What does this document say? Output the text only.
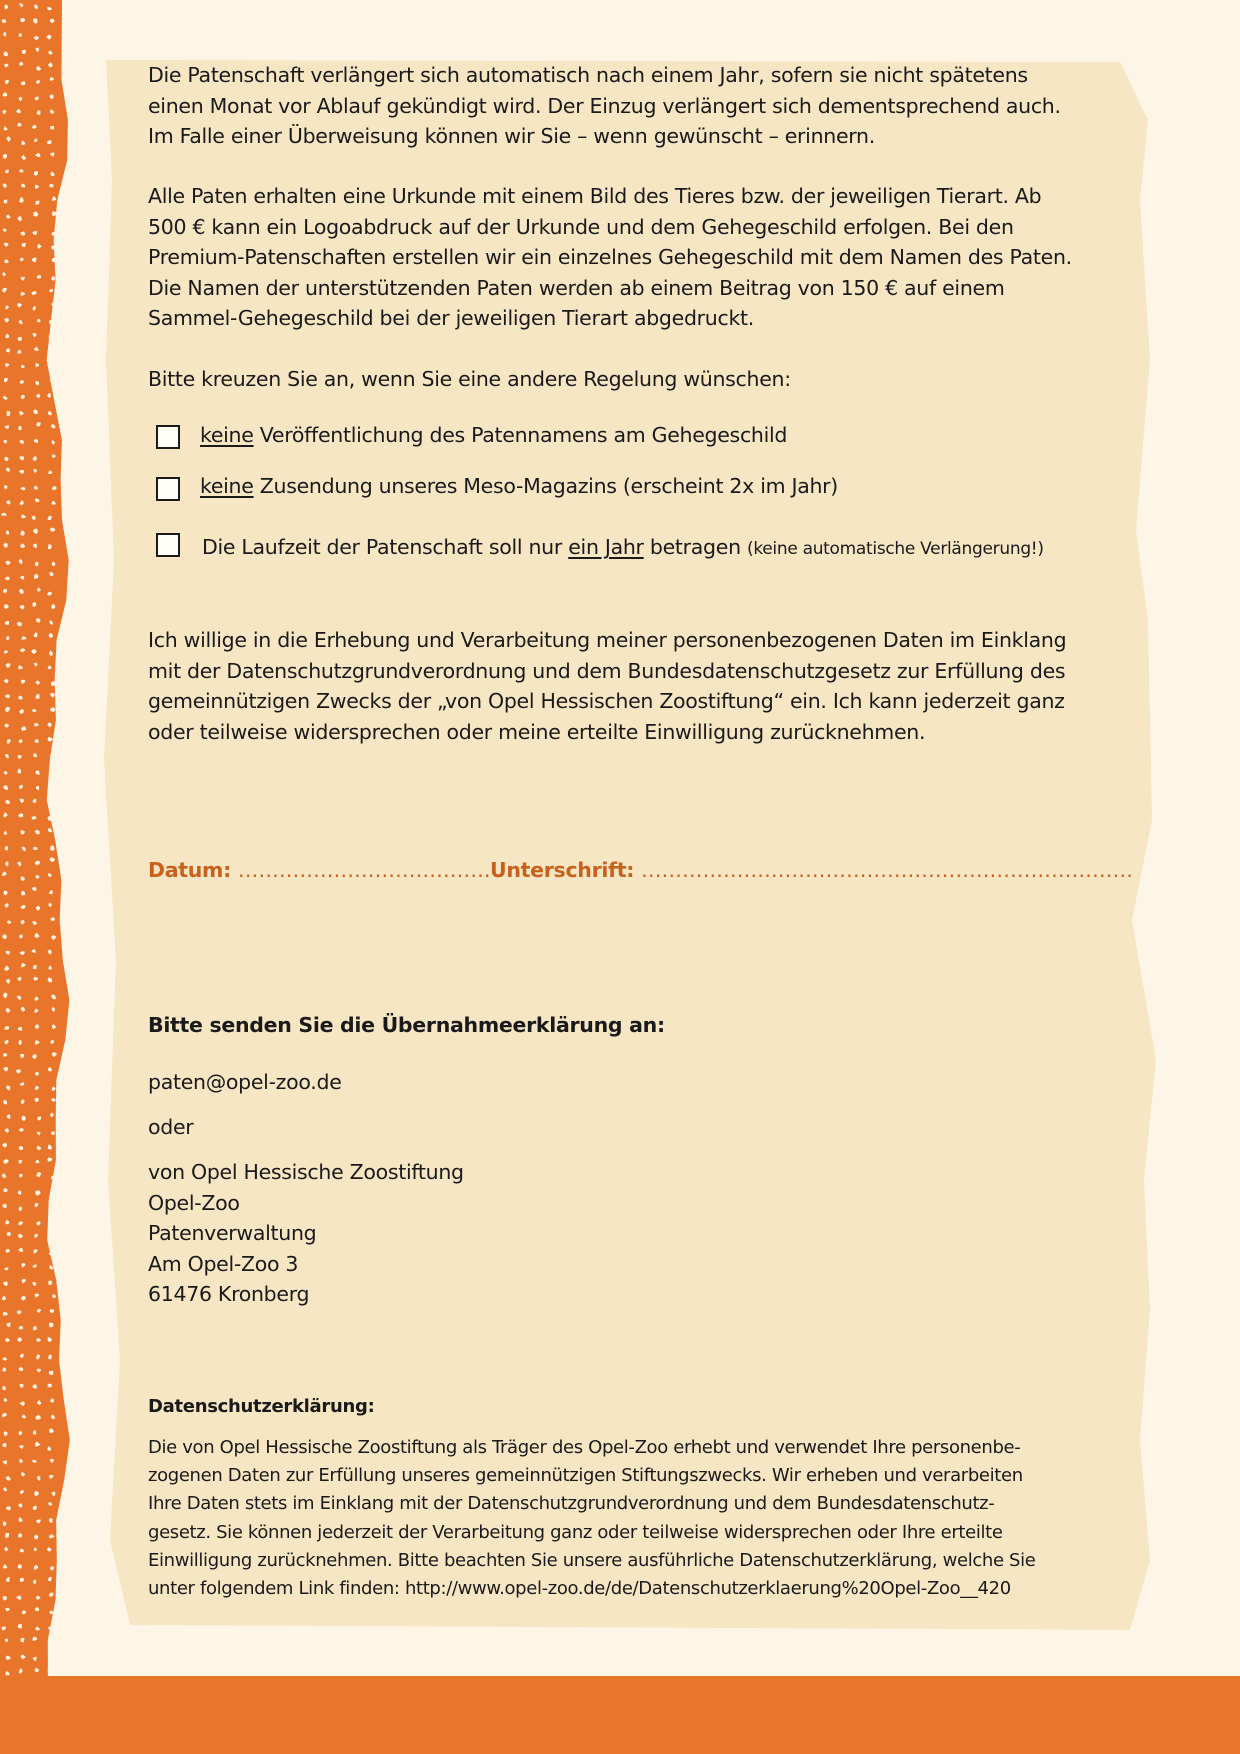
Die Patenschaft verlängert sich automatisch nach einem Jahr, sofern sie nicht spätetens
einen Monat vor Ablauf gekündigt wird. Der Einzug verlängert sich dementsprechend auch.
Im Falle einer Überweisung können wir Sie – wenn gewünscht – erinnern.
Alle Paten erhalten eine Urkunde mit einem Bild des Tieres bzw. der jeweiligen Tierart. Ab
500 € kann ein Logoabdruck auf der Urkunde und dem Gehegeschild erfolgen. Bei den
Premium-Patenschaften erstellen wir ein einzelnes Gehegeschild mit dem Namen des Paten.
Die Namen der unterstützenden Paten werden ab einem Beitrag von 150 € auf einem
Sammel-Gehegeschild bei der jeweiligen Tierart abgedruckt.
Bitte kreuzen Sie an, wenn Sie eine andere Regelung wünschen:
keine Veröffentlichung des Patennamens am Gehegeschild
keine Zusendung unseres Meso-Magazins (erscheint 2x im Jahr)
Die Laufzeit der Patenschaft soll nur ein Jahr betragen (keine automatische Verlängerung!)
Ich willige in die Erhebung und Verarbeitung meiner personenbezogenen Daten im Einklang
mit der Datenschutzgrundverordnung und dem Bundesdatenschutzgesetz zur Erfüllung des
gemeinnützigen Zwecks der „von Opel Hessischen Zoostiftung“ ein. Ich kann jederzeit ganz
oder teilweise widersprechen oder meine erteilte Einwilligung zurücknehmen.
Datum: ………………………………. Unterschrift: ………………………………………………………………
Bitte senden Sie die Übernahmeerklärung an:
paten@opel-zoo.de
oder
von Opel Hessische Zoostiftung
Opel-Zoo
Patenverwaltung
Am Opel-Zoo 3
61476 Kronberg
Datenschutzerklärung:
Die von Opel Hessische Zoostiftung als Träger des Opel-Zoo erhebt und verwendet Ihre personenbe-
zogenen Daten zur Erfüllung unseres gemeinnützigen Stiftungszwecks. Wir erheben und verarbeiten
Ihre Daten stets im Einklang mit der Datenschutzgrundverordnung und dem Bundesdatenschutz-
gesetz. Sie können jederzeit der Verarbeitung ganz oder teilweise widersprechen oder Ihre erteilte
Einwilligung zurücknehmen. Bitte beachten Sie unsere ausführliche Datenschutzerklärung, welche Sie
unter folgendem Link finden: http://www.opel-zoo.de/de/Datenschutzerklaerung%20Opel-Zoo__420
